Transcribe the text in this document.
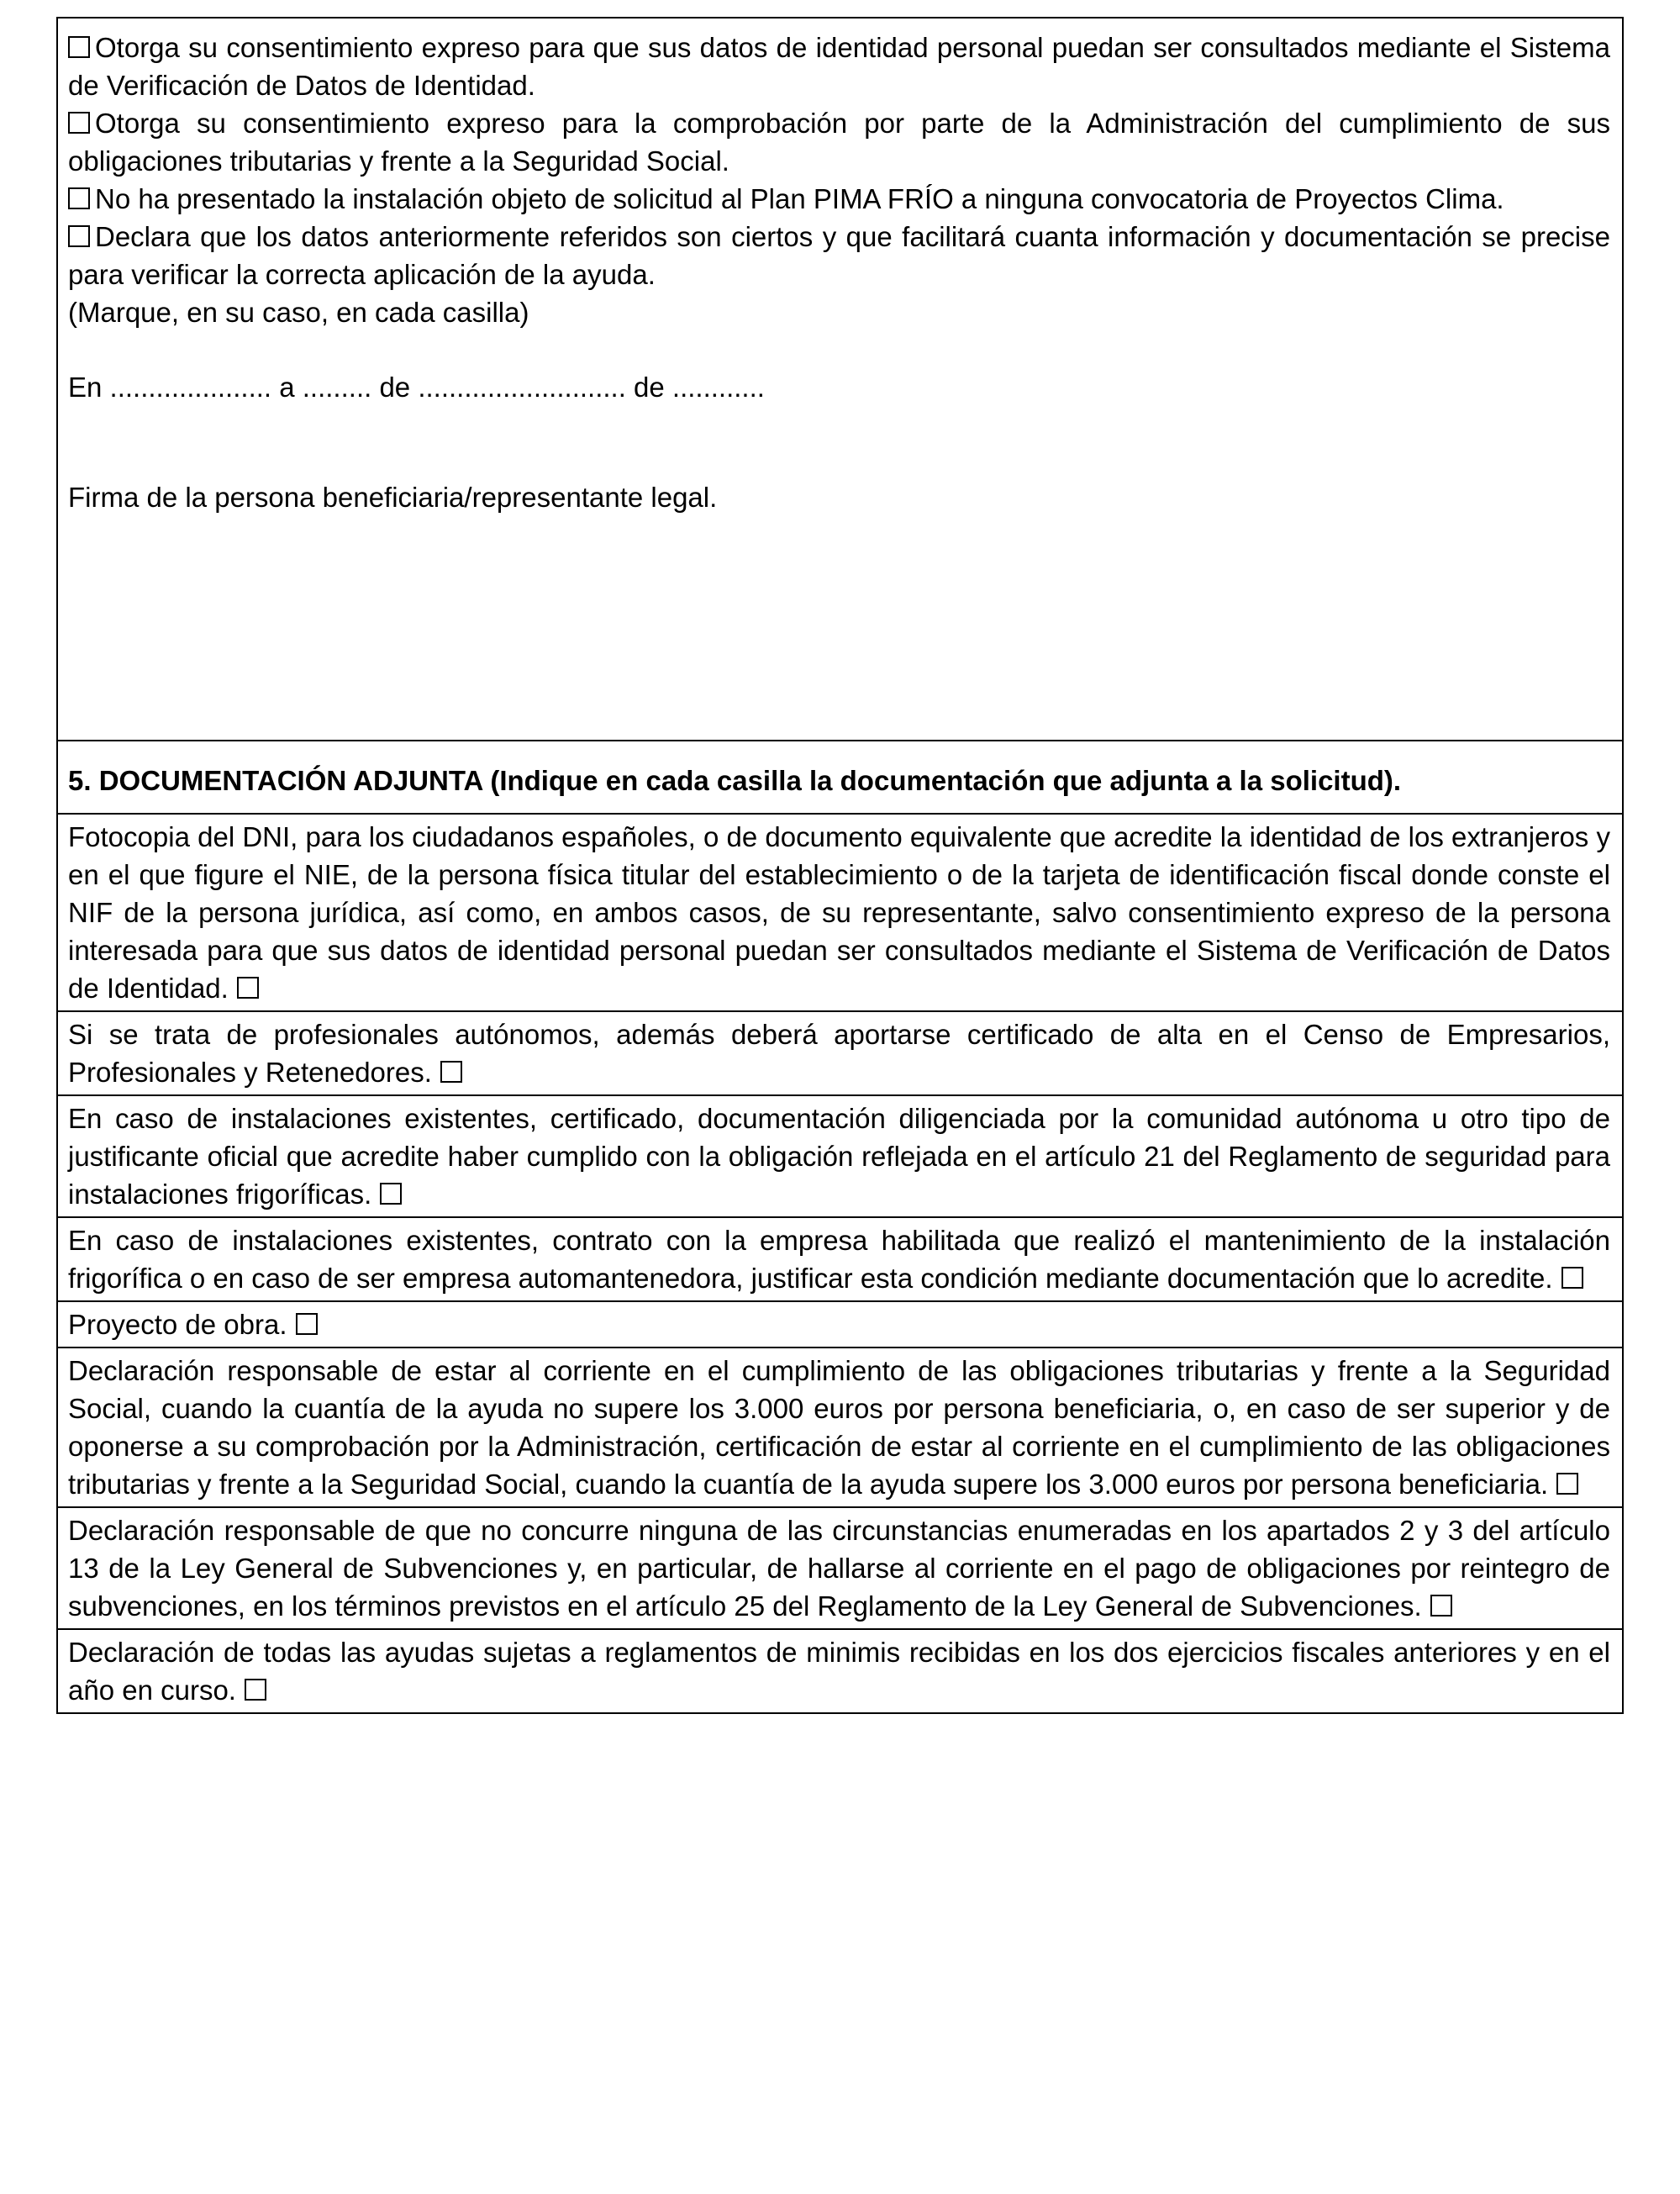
Otorga su consentimiento expreso para que sus datos de identidad personal puedan ser consultados mediante el Sistema de Verificación de Datos de Identidad.
Otorga su consentimiento expreso para la comprobación por parte de la Administración del cumplimiento de sus obligaciones tributarias y frente a la Seguridad Social.
No ha presentado la instalación objeto de solicitud al Plan PIMA FRÍO a ninguna convocatoria de Proyectos Clima.
Declara que los datos anteriormente referidos son ciertos y que facilitará cuanta información y documentación se precise para verificar la correcta aplicación de la ayuda.
(Marque, en su caso, en cada casilla)
En ..................... a ......... de ........................... de ............
Firma de la persona beneficiaria/representante legal.

5. DOCUMENTACIÓN ADJUNTA (Indique en cada casilla la documentación que adjunta a la solicitud).
Fotocopia del DNI, para los ciudadanos españoles, o de documento equivalente que acredite la identidad de los extranjeros y en el que figure el NIE, de la persona física titular del establecimiento o de la tarjeta de identificación fiscal donde conste el NIF de la persona jurídica, así como, en ambos casos, de su representante, salvo consentimiento expreso de la persona interesada para que sus datos de identidad personal puedan ser consultados mediante el Sistema de Verificación de Datos de Identidad.
Si se trata de profesionales autónomos, además deberá aportarse certificado de alta en el Censo de Empresarios, Profesionales y Retenedores.
En caso de instalaciones existentes, certificado, documentación diligenciada por la comunidad autónoma u otro tipo de justificante oficial que acredite haber cumplido con la obligación reflejada en el artículo 21 del Reglamento de seguridad para instalaciones frigoríficas.
En caso de instalaciones existentes, contrato con la empresa habilitada que realizó el mantenimiento de la instalación frigorífica o en caso de ser empresa automantenedora, justificar esta condición mediante documentación que lo acredite.
Proyecto de obra.
Declaración responsable de estar al corriente en el cumplimiento de las obligaciones tributarias y frente a la Seguridad Social, cuando la cuantía de la ayuda no supere los 3.000 euros por persona beneficiaria, o, en caso de ser superior y de oponerse a su comprobación por la Administración, certificación de estar al corriente en el cumplimiento de las obligaciones tributarias y frente a la Seguridad Social, cuando la cuantía de la ayuda supere los 3.000 euros por persona beneficiaria.
Declaración responsable de que no concurre ninguna de las circunstancias enumeradas en los apartados 2 y 3 del artículo 13 de la Ley General de Subvenciones y, en particular, de hallarse al corriente en el pago de obligaciones por reintegro de subvenciones, en los términos previstos en el artículo 25 del Reglamento de la Ley General de Subvenciones.
Declaración de todas las ayudas sujetas a reglamentos de minimis recibidas en los dos ejercicios fiscales anteriores y en el año en curso.
